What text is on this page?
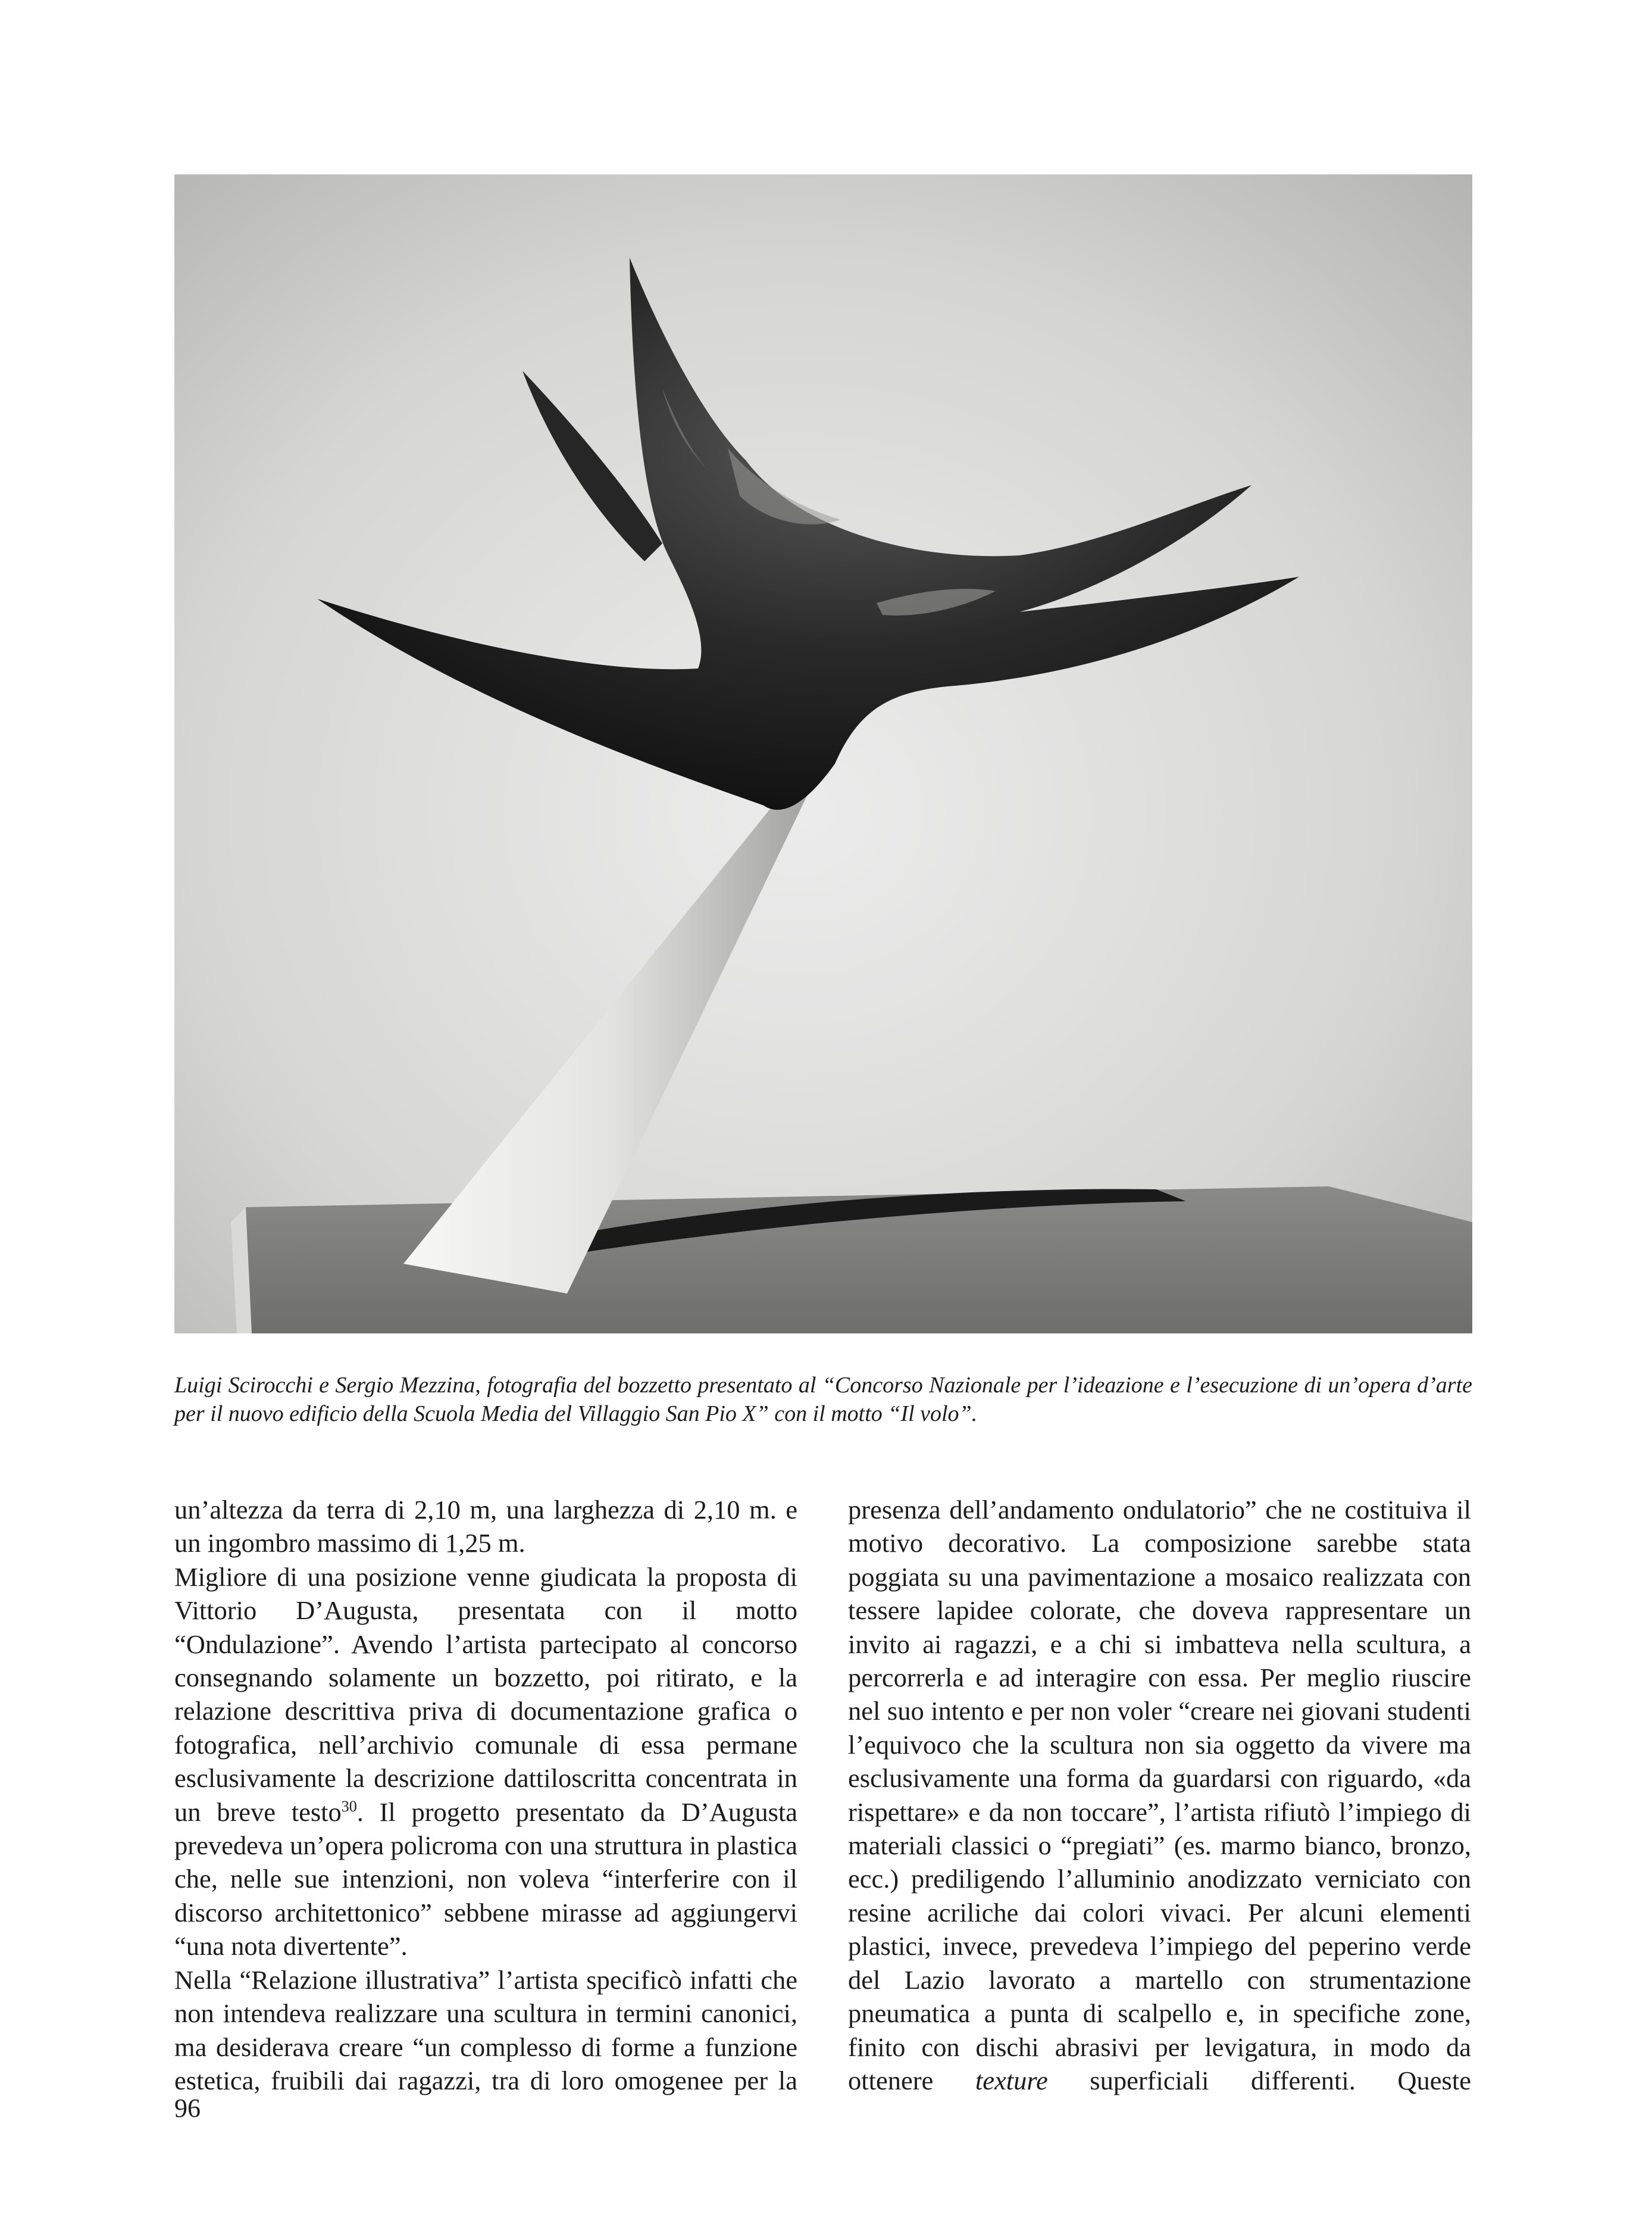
Luigi Scirocchi e Sergio Mezzina, fotografia del bozzetto presentato al “Concorso Nazionale per l’ideazione e l’esecuzione di un’opera d’arte per il nuovo edificio della Scuola Media del Villaggio San Pio X” con il motto “Il volo”.

un’altezza da terra di 2,10 m, una larghezza di 2,10 m. e un ingombro massimo di 1,25 m.

Migliore di una posizione venne giudicata la proposta di Vittorio D’Augusta, presentata con il motto “Ondulazione”. Avendo l’artista partecipato al concorso consegnando solamente un bozzetto, poi ritirato, e la relazione descrittiva priva di documentazione grafica o fotografica, nell’archivio comunale di essa permane esclusivamente la descrizione dattiloscritta concentrata in un breve testo$^{30}$. Il progetto presentato da D’Augusta prevedeva un’opera policroma con una struttura in plastica che, nelle sue intenzioni, non voleva “interferire con il discorso architettonico” sebbene mirasse ad aggiungervi “una nota divertente”.

Nella “Relazione illustrativa” l’artista specificò infatti che non intendeva realizzare una scultura in termini canonici, ma desiderava creare “un complesso di forme a funzione estetica, fruibili dai ragazzi, tra di loro omogenee per la

presenza dell’andamento ondulatorio” che ne costituiva il motivo decorativo. La composizione sarebbe stata poggiata su una pavimentazione a mosaico realizzata con tessere lapidee colorate, che doveva rappresentare un invito ai ragazzi, e a chi si imbatteva nella scultura, a percorrerla e ad interagire con essa. Per meglio riuscire nel suo intento e per non voler “creare nei giovani studenti l’equivoco che la scultura non sia oggetto da vivere ma esclusivamente una forma da guardarsi con riguardo, «da rispettare» e da non toccare”, l’artista rifiutò l’impiego di materiali classici o “pregiati” (es. marmo bianco, bronzo, ecc.) prediligendo l’alluminio anodizzato verniciato con resine acriliche dai colori vivaci. Per alcuni elementi plastici, invece, prevedeva l’impiego del peperino verde del Lazio lavorato a martello con strumentazione pneumatica a punta di scalpello e, in specifiche zone, finito con dischi abrasivi per levigatura, in modo da ottenere texture superficiali differenti. Queste

96
